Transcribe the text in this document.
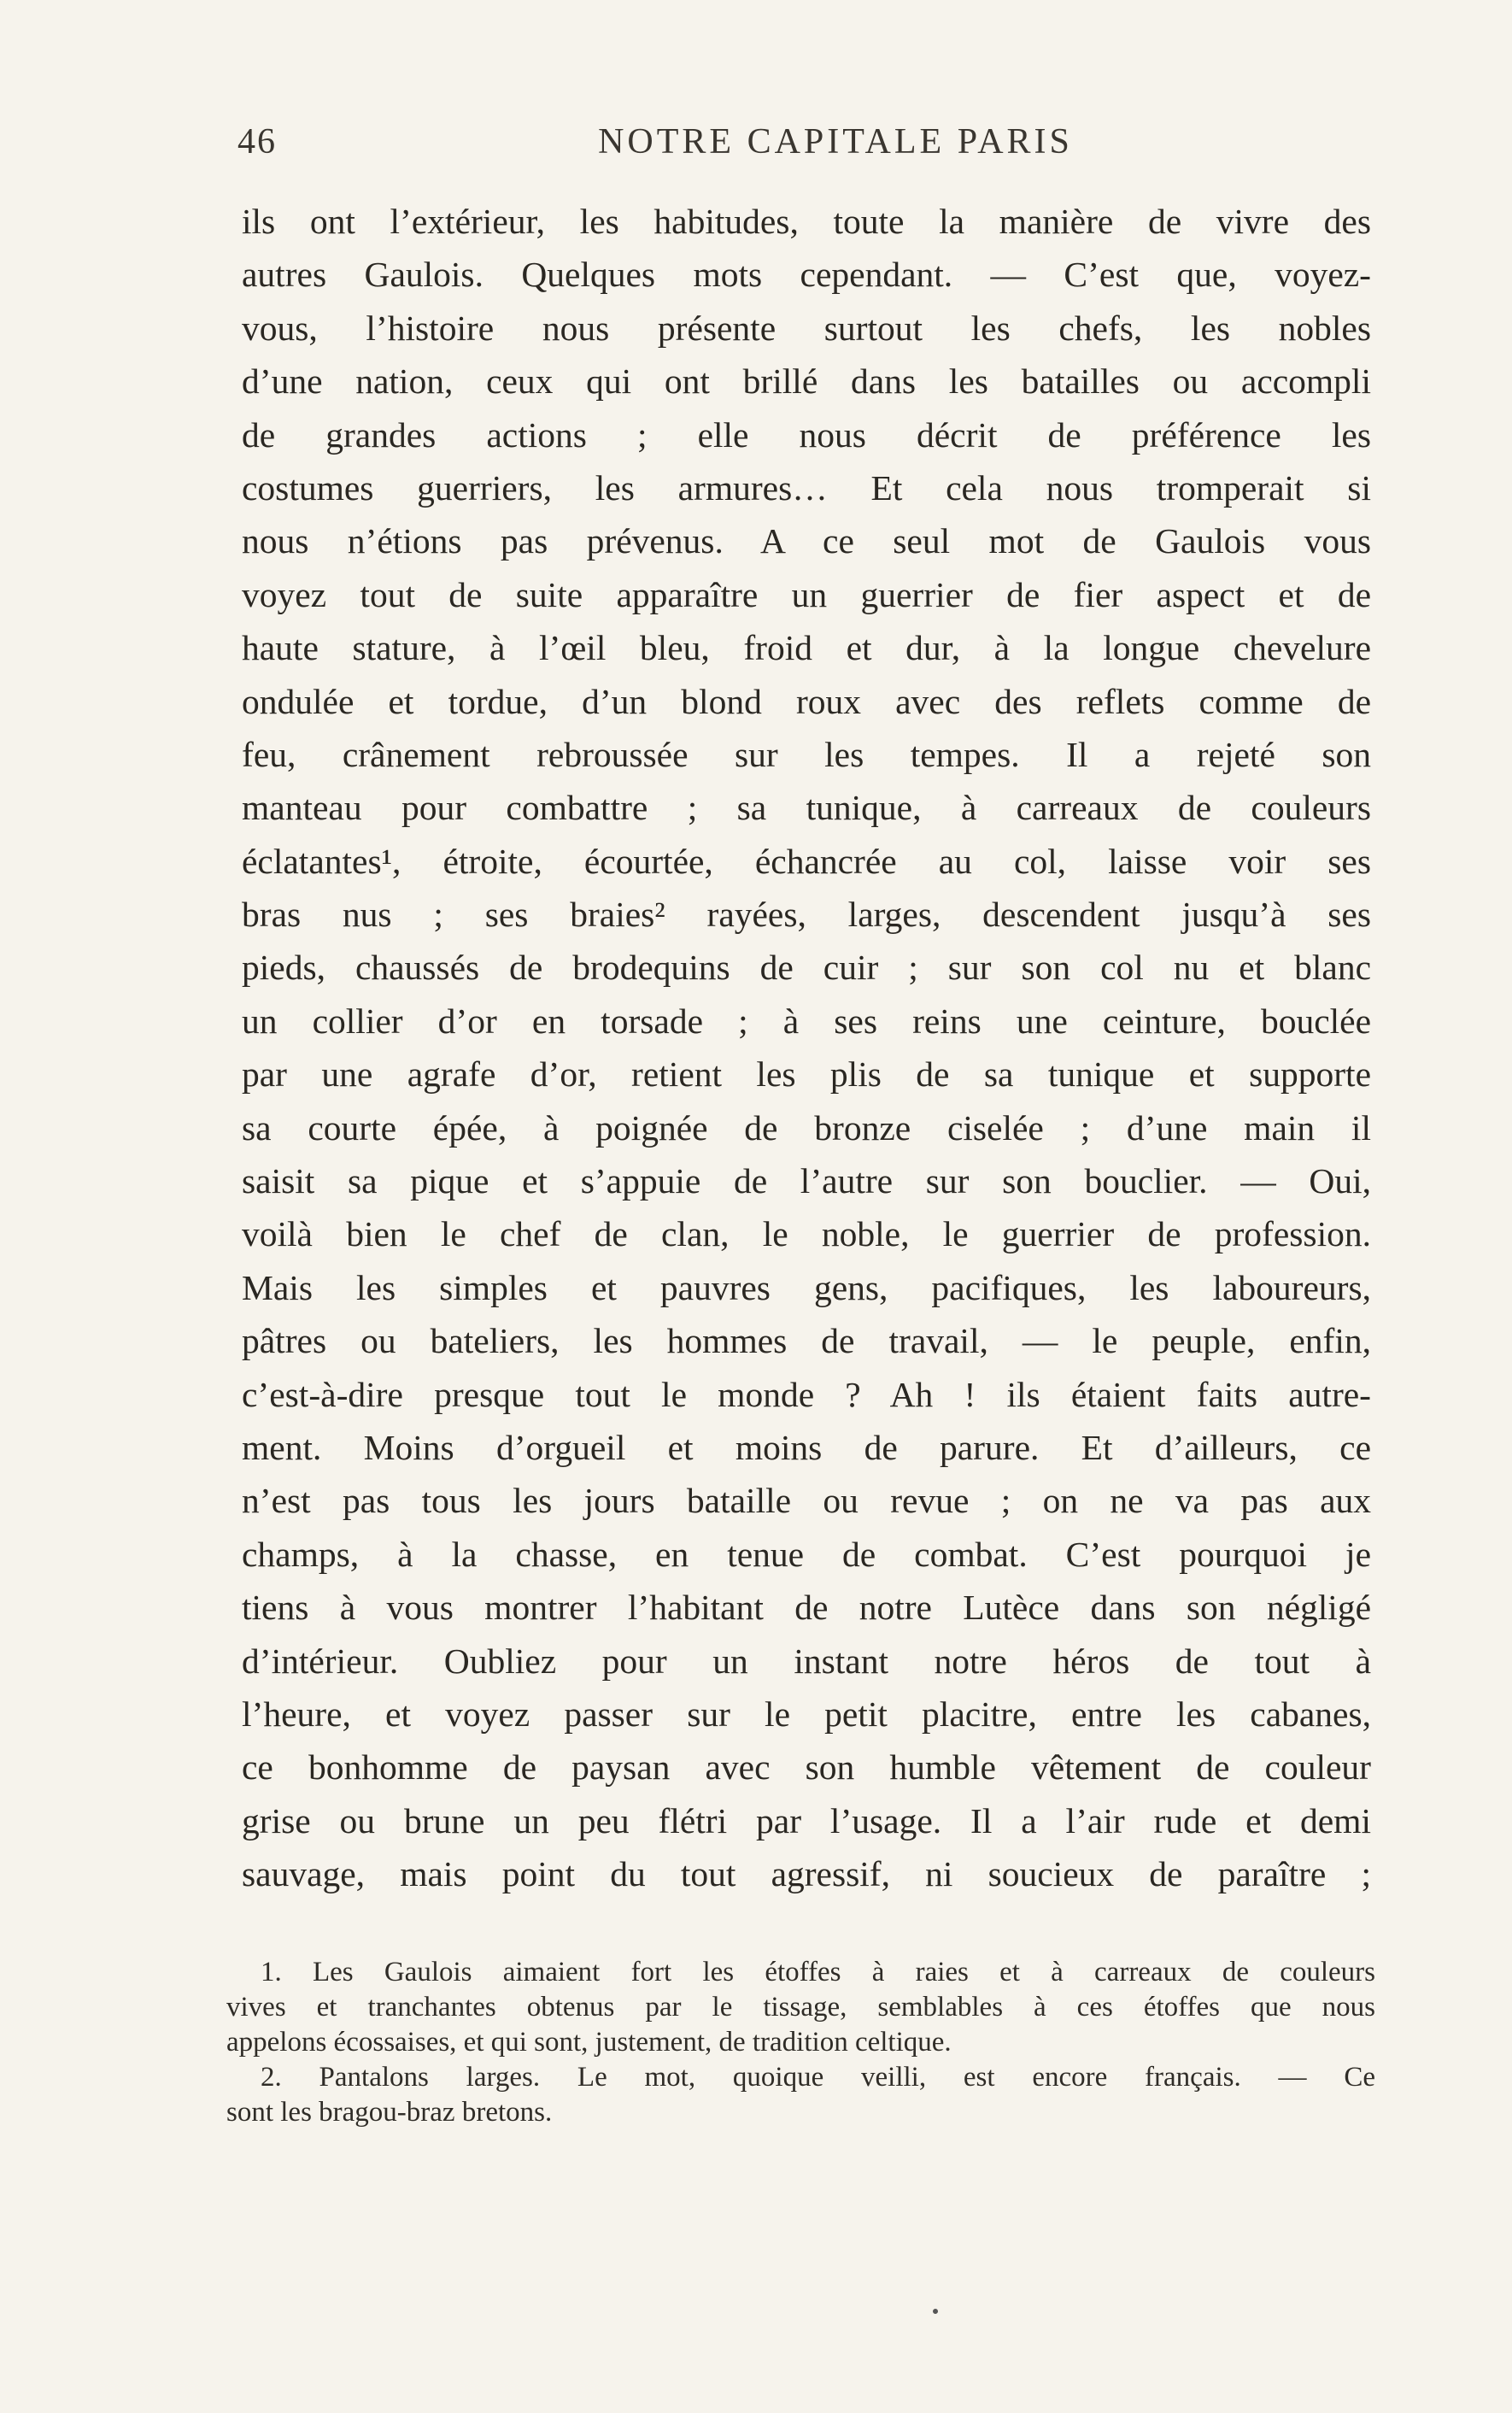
46	NOTRE CAPITALE PARIS
ils ont l’extérieur, les habitudes, toute la manière de vivre des
autres Gaulois. Quelques mots cependant. — C’est que, voyez-
vous, l’histoire nous présente surtout les chefs, les nobles
d’une nation, ceux qui ont brillé dans les batailles ou accompli
de grandes actions ; elle nous décrit de préférence les
costumes guerriers, les armures… Et cela nous tromperait si
nous n’étions pas prévenus. A ce seul mot de Gaulois vous
voyez tout de suite apparaître un guerrier de fier aspect et de
haute stature, à l’œil bleu, froid et dur, à la longue chevelure
ondulée et tordue, d’un blond roux avec des reflets comme de
feu, crânement rebroussée sur les tempes. Il a rejeté son
manteau pour combattre ; sa tunique, à carreaux de couleurs
éclatantes¹, étroite, écourtée, échancrée au col, laisse voir ses
bras nus ; ses braies² rayées, larges, descendent jusqu’à ses
pieds, chaussés de brodequins de cuir ; sur son col nu et blanc
un collier d’or en torsade ; à ses reins une ceinture, bouclée
par une agrafe d’or, retient les plis de sa tunique et supporte
sa courte épée, à poignée de bronze ciselée ; d’une main il
saisit sa pique et s’appuie de l’autre sur son bouclier. — Oui,
voilà bien le chef de clan, le noble, le guerrier de profession.
Mais les simples et pauvres gens, pacifiques, les laboureurs,
pâtres ou bateliers, les hommes de travail, — le peuple, enfin,
c’est-à-dire presque tout le monde ? Ah ! ils étaient faits autre-
ment. Moins d’orgueil et moins de parure. Et d’ailleurs, ce
n’est pas tous les jours bataille ou revue ; on ne va pas aux
champs, à la chasse, en tenue de combat. C’est pourquoi je
tiens à vous montrer l’habitant de notre Lutèce dans son négligé
d’intérieur. Oubliez pour un instant notre héros de tout à
l’heure, et voyez passer sur le petit placitre, entre les cabanes,
ce bonhomme de paysan avec son humble vêtement de couleur
grise ou brune un peu flétri par l’usage. Il a l’air rude et demi
sauvage, mais point du tout agressif, ni soucieux de paraître ;
1. Les Gaulois aimaient fort les étoffes à raies et à carreaux de couleurs
vives et tranchantes obtenus par le tissage, semblables à ces étoffes que nous
appelons écossaises, et qui sont, justement, de tradition celtique.
2. Pantalons larges. Le mot, quoique veilli, est encore français. — Ce
sont les bragou-braz bretons.
